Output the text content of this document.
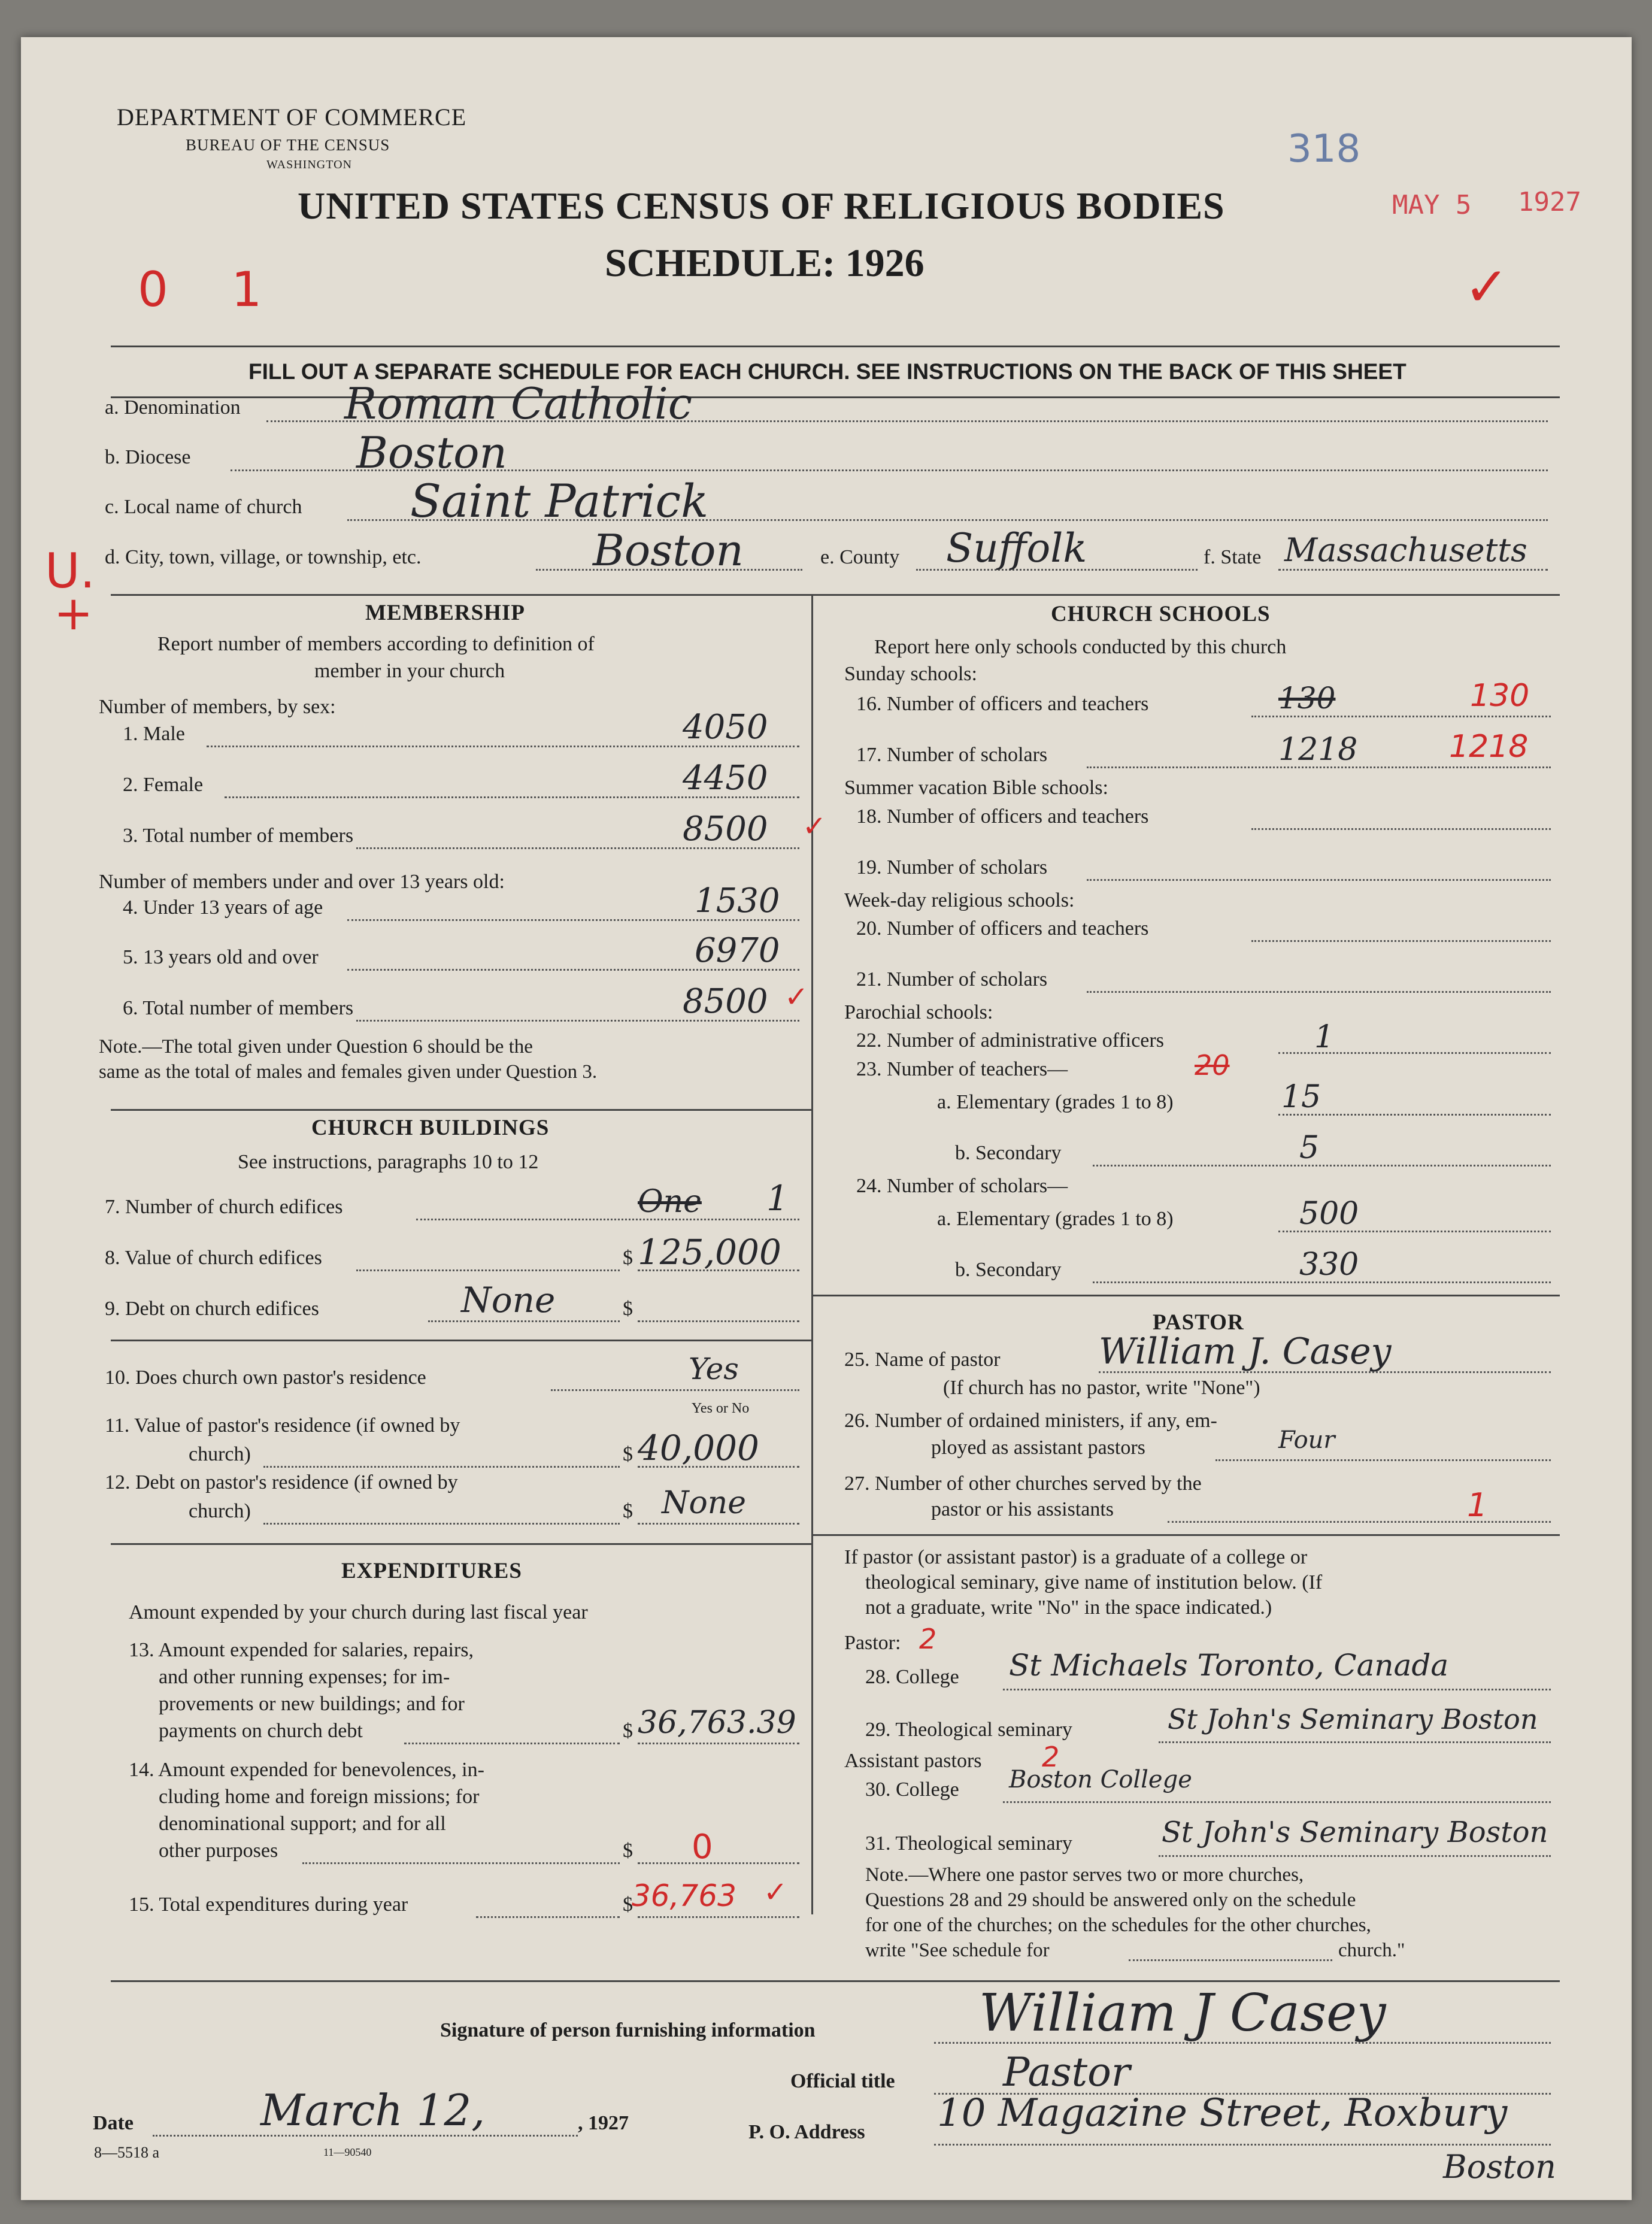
DEPARTMENT OF COMMERCE
BUREAU OF THE CENSUS
WASHINGTON
UNITED STATES CENSUS OF RELIGIOUS BODIES
SCHEDULE: 1926
318
MAY 5 1927
0 1	✓
FILL OUT A SEPARATE SCHEDULE FOR EACH CHURCH. SEE INSTRUCTIONS ON THE BACK OF THIS SHEET
a. Denomination Roman Catholic
b. Diocese	Boston
c. Local name of church Saint Patrick
d. City, town, village, or township, etc.	Boston	e. County Suffolk	f. State Massachusetts
U.
+	MEMBERSHIP
Report number of members according to definition of
member in your church
Number of members, by sex:
1. Male	4050
2. Female	4450
3. Total number of members	8500 ✓
Number of members under and over 13 years old:
4. Under 13 years of age	1530
5. 13 years old and over	6970
6. Total number of members	8500 ✓
Note.—The total given under Question 6 should be the
same as the total of males and females given under Question 3.
CHURCH BUILDINGS
See instructions, paragraphs 10 to 12
7. Number of church edifices	One 1
8. Value of church edifices	$ 125,000
9. Debt on church edifices	None	$
10. Does church own pastor's residence	Yes
Yes or No
11. Value of pastor's residence (if owned by
church)	$ 40,000
12. Debt on pastor's residence (if owned by
church)	$ None
EXPENDITURES
Amount expended by your church during last fiscal year
13. Amount expended for salaries, repairs,
and other running expenses; for im-
provements or new buildings; and for
payments on church debt	$ 36,763.39
14. Amount expended for benevolences, in-
cluding home and foreign missions; for
denominational support; and for all
other purposes	$ 0
15. Total expenditures during year	$
36,763 ✓
CHURCH SCHOOLS
Report here only schools conducted by this church
Sunday schools:
16. Number of officers and teachers	130	130
17. Number of scholars	1218	1218
Summer vacation Bible schools:
18. Number of officers and teachers
19. Number of scholars
Week-day religious schools:
20. Number of officers and teachers
21. Number of scholars
Parochial schools:
22. Number of administrative officers	1
23. Number of teachers—	20
a. Elementary (grades 1 to 8)	15
b. Secondary	5
24. Number of scholars—
a. Elementary (grades 1 to 8)	500
b. Secondary	330
PASTOR
25. Name of pastor	William J. Casey
(If church has no pastor, write "None")
26. Number of ordained ministers, if any, em-
ployed as assistant pastors	Four
27. Number of other churches served by the
pastor or his assistants	1
If pastor (or assistant pastor) is a graduate of a college or
theological seminary, give name of institution below. (If
not a graduate, write "No" in the space indicated.)
Pastor: 2
28. College St Michaels Toronto, Canada
29. Theological seminary	St John's Seminary Boston
Assistant pastors 2
30. College Boston College
31. Theological seminary	St John's Seminary Boston
Note.—Where one pastor serves two or more churches,
Questions 28 and 29 should be answered only on the schedule
for one of the churches; on the schedules for the other churches,
write "See schedule for	church."
Signature of person furnishing information	William J Casey
Official title	Pastor
Date	March 12,	, 1927	P. O. Address 10 Magazine Street, Roxbury
Boston
8—5518 a	11—90540
